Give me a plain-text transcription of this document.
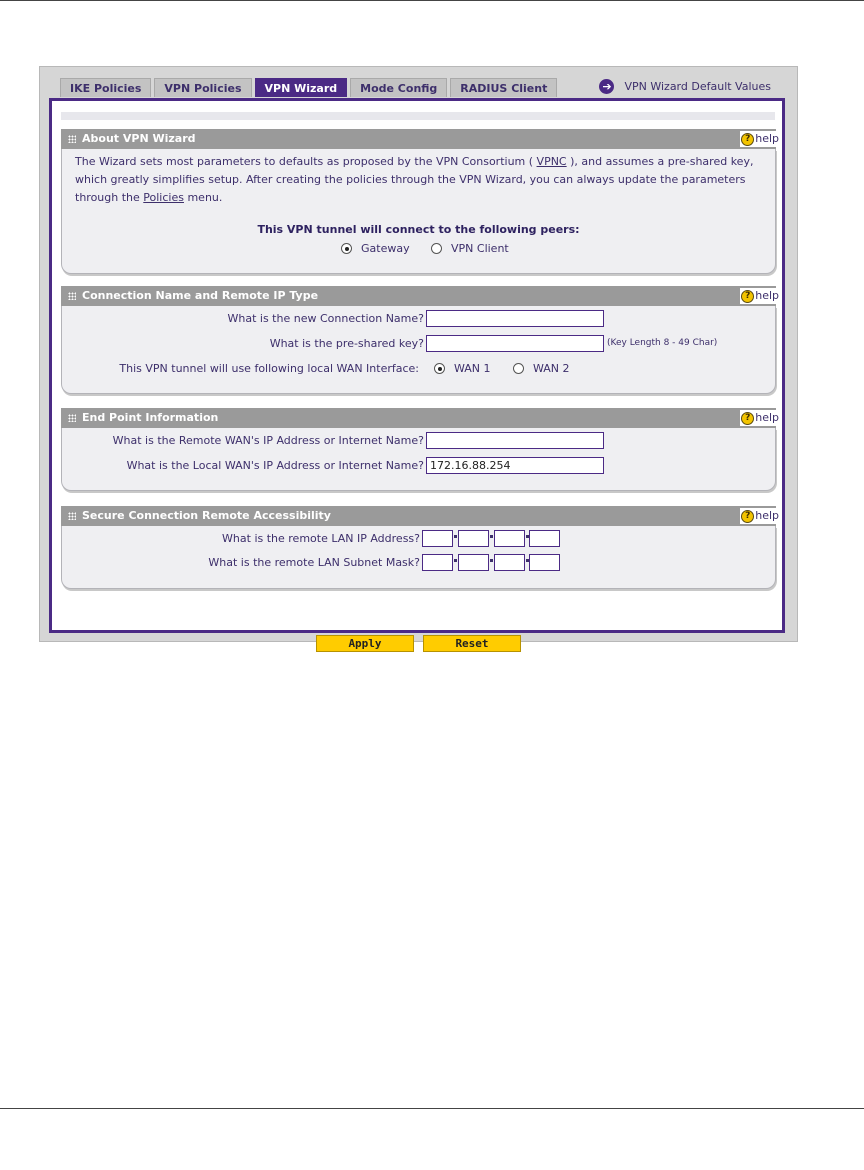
IKE Policies	VPN Policies	VPN Wizard	Mode Config	RADIUS Client	➔ VPN Wizard Default Values
About VPN Wizard	? help
The Wizard sets most parameters to defaults as proposed by the VPN Consortium ( VPNC ), and assumes a pre-shared key, which greatly simplifies setup. After creating the policies through the VPN Wizard, you can always update the parameters through the Policies menu.
This VPN tunnel will connect to the following peers:
Gateway	VPN Client
Connection Name and Remote IP Type	? help
What is the new Connection Name?
What is the pre-shared key?	(Key Length 8 - 49 Char)
This VPN tunnel will use following local WAN Interface:	WAN 1	WAN 2
End Point Information	? help
What is the Remote WAN's IP Address or Internet Name?
What is the Local WAN's IP Address or Internet Name?
172.16.88.254
Secure Connection Remote Accessibility	? help
What is the remote LAN IP Address?
What is the remote LAN Subnet Mask?
Apply	Reset
